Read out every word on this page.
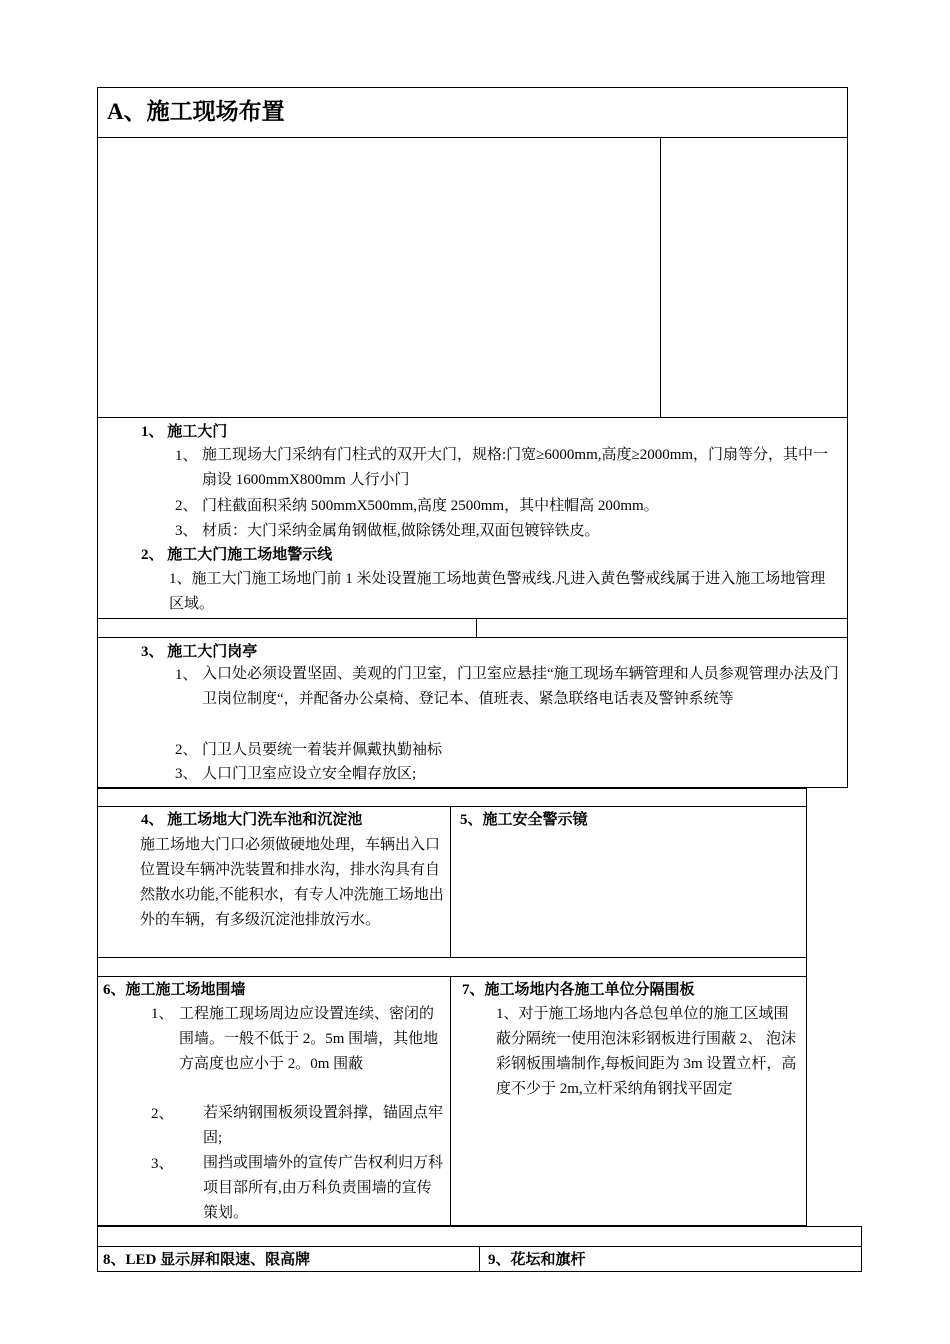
A、施工现场布置
1、 施工大门
1、 施工现场大门采纳有门柱式的双开大门，规格:门宽≥6000mm,高度≥2000mm，门扇等分，其中一扇设 1600mmX800mm 人行小门
2、 门柱截面积采纳 500mmX500mm,高度 2500mm，其中柱帽高 200mm。
3、 材质：大门采纳金属角钢做框,做除锈处理,双面包镀锌铁皮。
2、 施工大门施工场地警示线
1、施工大门施工场地门前 1 米处设置施工场地黄色警戒线.凡进入黄色警戒线属于进入施工场地管理区域。
3、 施工大门岗亭
1、 入口处必须设置坚固、美观的门卫室，门卫室应悬挂“施工现场车辆管理和人员参观管理办法及门卫岗位制度“，并配备办公桌椅、登记本、值班表、紧急联络电话表及警钟系统等
2、 门卫人员要统一着装并佩戴执勤袖标
3、 人口门卫室应设立安全帽存放区;
4、 施工场地大门洗车池和沉淀池
施工场地大门口必须做硬地处理，车辆出入口位置设车辆冲洗装置和排水沟，排水沟具有自然散水功能,不能积水，有专人冲洗施工场地出外的车辆，有多级沉淀池排放污水。
5、施工安全警示镜
6、施工施工场地围墙
1、 工程施工现场周边应设置连续、密闭的围墙。一般不低于 2。5m 围墙，其他地方高度也应小于 2。0m 围蔽
2、 若采纳钢围板须设置斜撑，锚固点牢固;
3、 围挡或围墙外的宣传广告权利归万科项目部所有,由万科负责围墙的宣传策划。
7、施工场地内各施工单位分隔围板
1、对于施工场地内各总包单位的施工区域围蔽分隔统一使用泡沫彩钢板进行围蔽 2、 泡沫彩钢板围墙制作,每板间距为 3m 设置立杆，高度不少于 2m,立杆采纳角钢找平固定
8、LED 显示屏和限速、限高牌	9、花坛和旗杆
